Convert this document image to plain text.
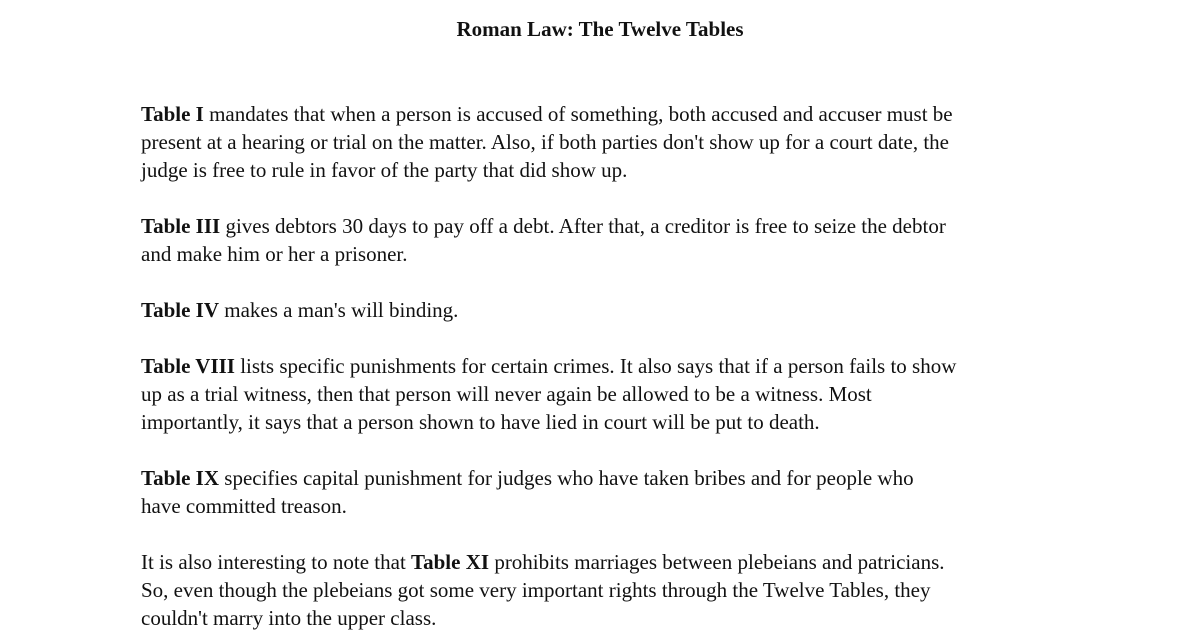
Roman Law: The Twelve Tables

Table I mandates that when a person is accused of something, both accused and accuser must be
present at a hearing or trial on the matter. Also, if both parties don't show up for a court date, the
judge is free to rule in favor of the party that did show up.

Table III gives debtors 30 days to pay off a debt. After that, a creditor is free to seize the debtor
and make him or her a prisoner.

Table IV makes a man's will binding.

Table VIII lists specific punishments for certain crimes. It also says that if a person fails to show
up as a trial witness, then that person will never again be allowed to be a witness. Most
importantly, it says that a person shown to have lied in court will be put to death.

Table IX specifies capital punishment for judges who have taken bribes and for people who
have committed treason.

It is also interesting to note that Table XI prohibits marriages between plebeians and patricians.
So, even though the plebeians got some very important rights through the Twelve Tables, they
couldn't marry into the upper class.
